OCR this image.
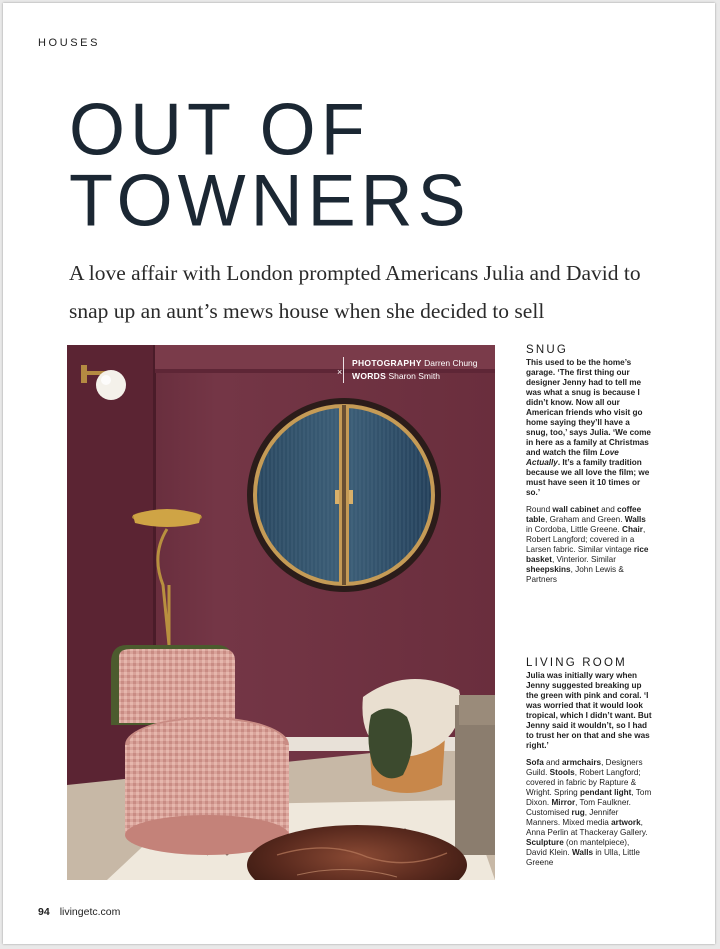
HOUSES
OUT OF
TOWNERS

A love affair with London prompted Americans Julia and David to snap up an aunt’s mews house when she decided to sell

×
PHOTOGRAPHY Darren Chung
WORDS Sharon Smith
SNUG

This used to be the home’s garage. ‘The first thing our designer Jenny had to tell me was what a snug is because I didn’t know. Now all our American friends who visit go home saying they’ll have a snug, too,’ says Julia. ‘We come in here as a family at Christmas and watch the film Love Actually. It’s a family tradition because we all love the film; we must have seen it 10 times or so.’

Round wall cabinet and coffee table, Graham and Green. Walls in Cordoba, Little Greene. Chair, Robert Langford; covered in a Larsen fabric. Similar vintage rice basket, Vinterior. Similar sheepskins, John Lewis & Partners

LIVING ROOM

Julia was initially wary when Jenny suggested breaking up the green with pink and coral. ‘I was worried that it would look tropical, which I didn’t want. But Jenny said it wouldn’t, so I had to trust her on that and she was right.’

Sofa and armchairs, Designers Guild. Stools, Robert Langford; covered in fabric by Rapture & Wright. Spring pendant light, Tom Dixon. Mirror, Tom Faulkner. Customised rug, Jennifer Manners. Mixed media artwork, Anna Perlin at Thackeray Gallery. Sculpture (on mantelpiece), David Klein. Walls in Ulla, Little Greene

94 livingetc.com
